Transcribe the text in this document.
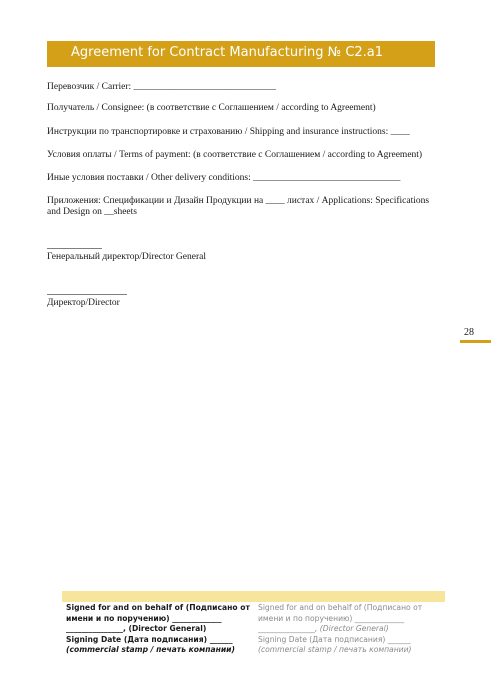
Agreement for Contract Manufacturing № C2.a1
Перевозчик / Carrier: ______________________________
Получатель / Consignee: (в соответствие с Соглашением / according to Agreement)
Инструкции по транспортировке и страхованию / Shipping and insurance instructions: ____
Условия оплаты / Terms of payment: (в соответствие с Соглашением / according to Agreement)
Иные условия поставки / Other delivery conditions: _______________________________
Приложения: Спецификации и Дизайн Продукции на ____ листах / Applications: Specifications and Design on __sheets
Генеральный директор/Director General
Директор/Director
28
Signed for and on behalf of (Подписано от
имени и по поручению) _____________
_______________, (Director General)
Signing Date (Дата подписания) ______
(commercial stamp / печать компании)
Signed for and on behalf of (Подписано от
имени и по поручению) _____________
_______________, (Director General)
Signing Date (Дата подписания) ______
(commercial stamp / печать компании)
